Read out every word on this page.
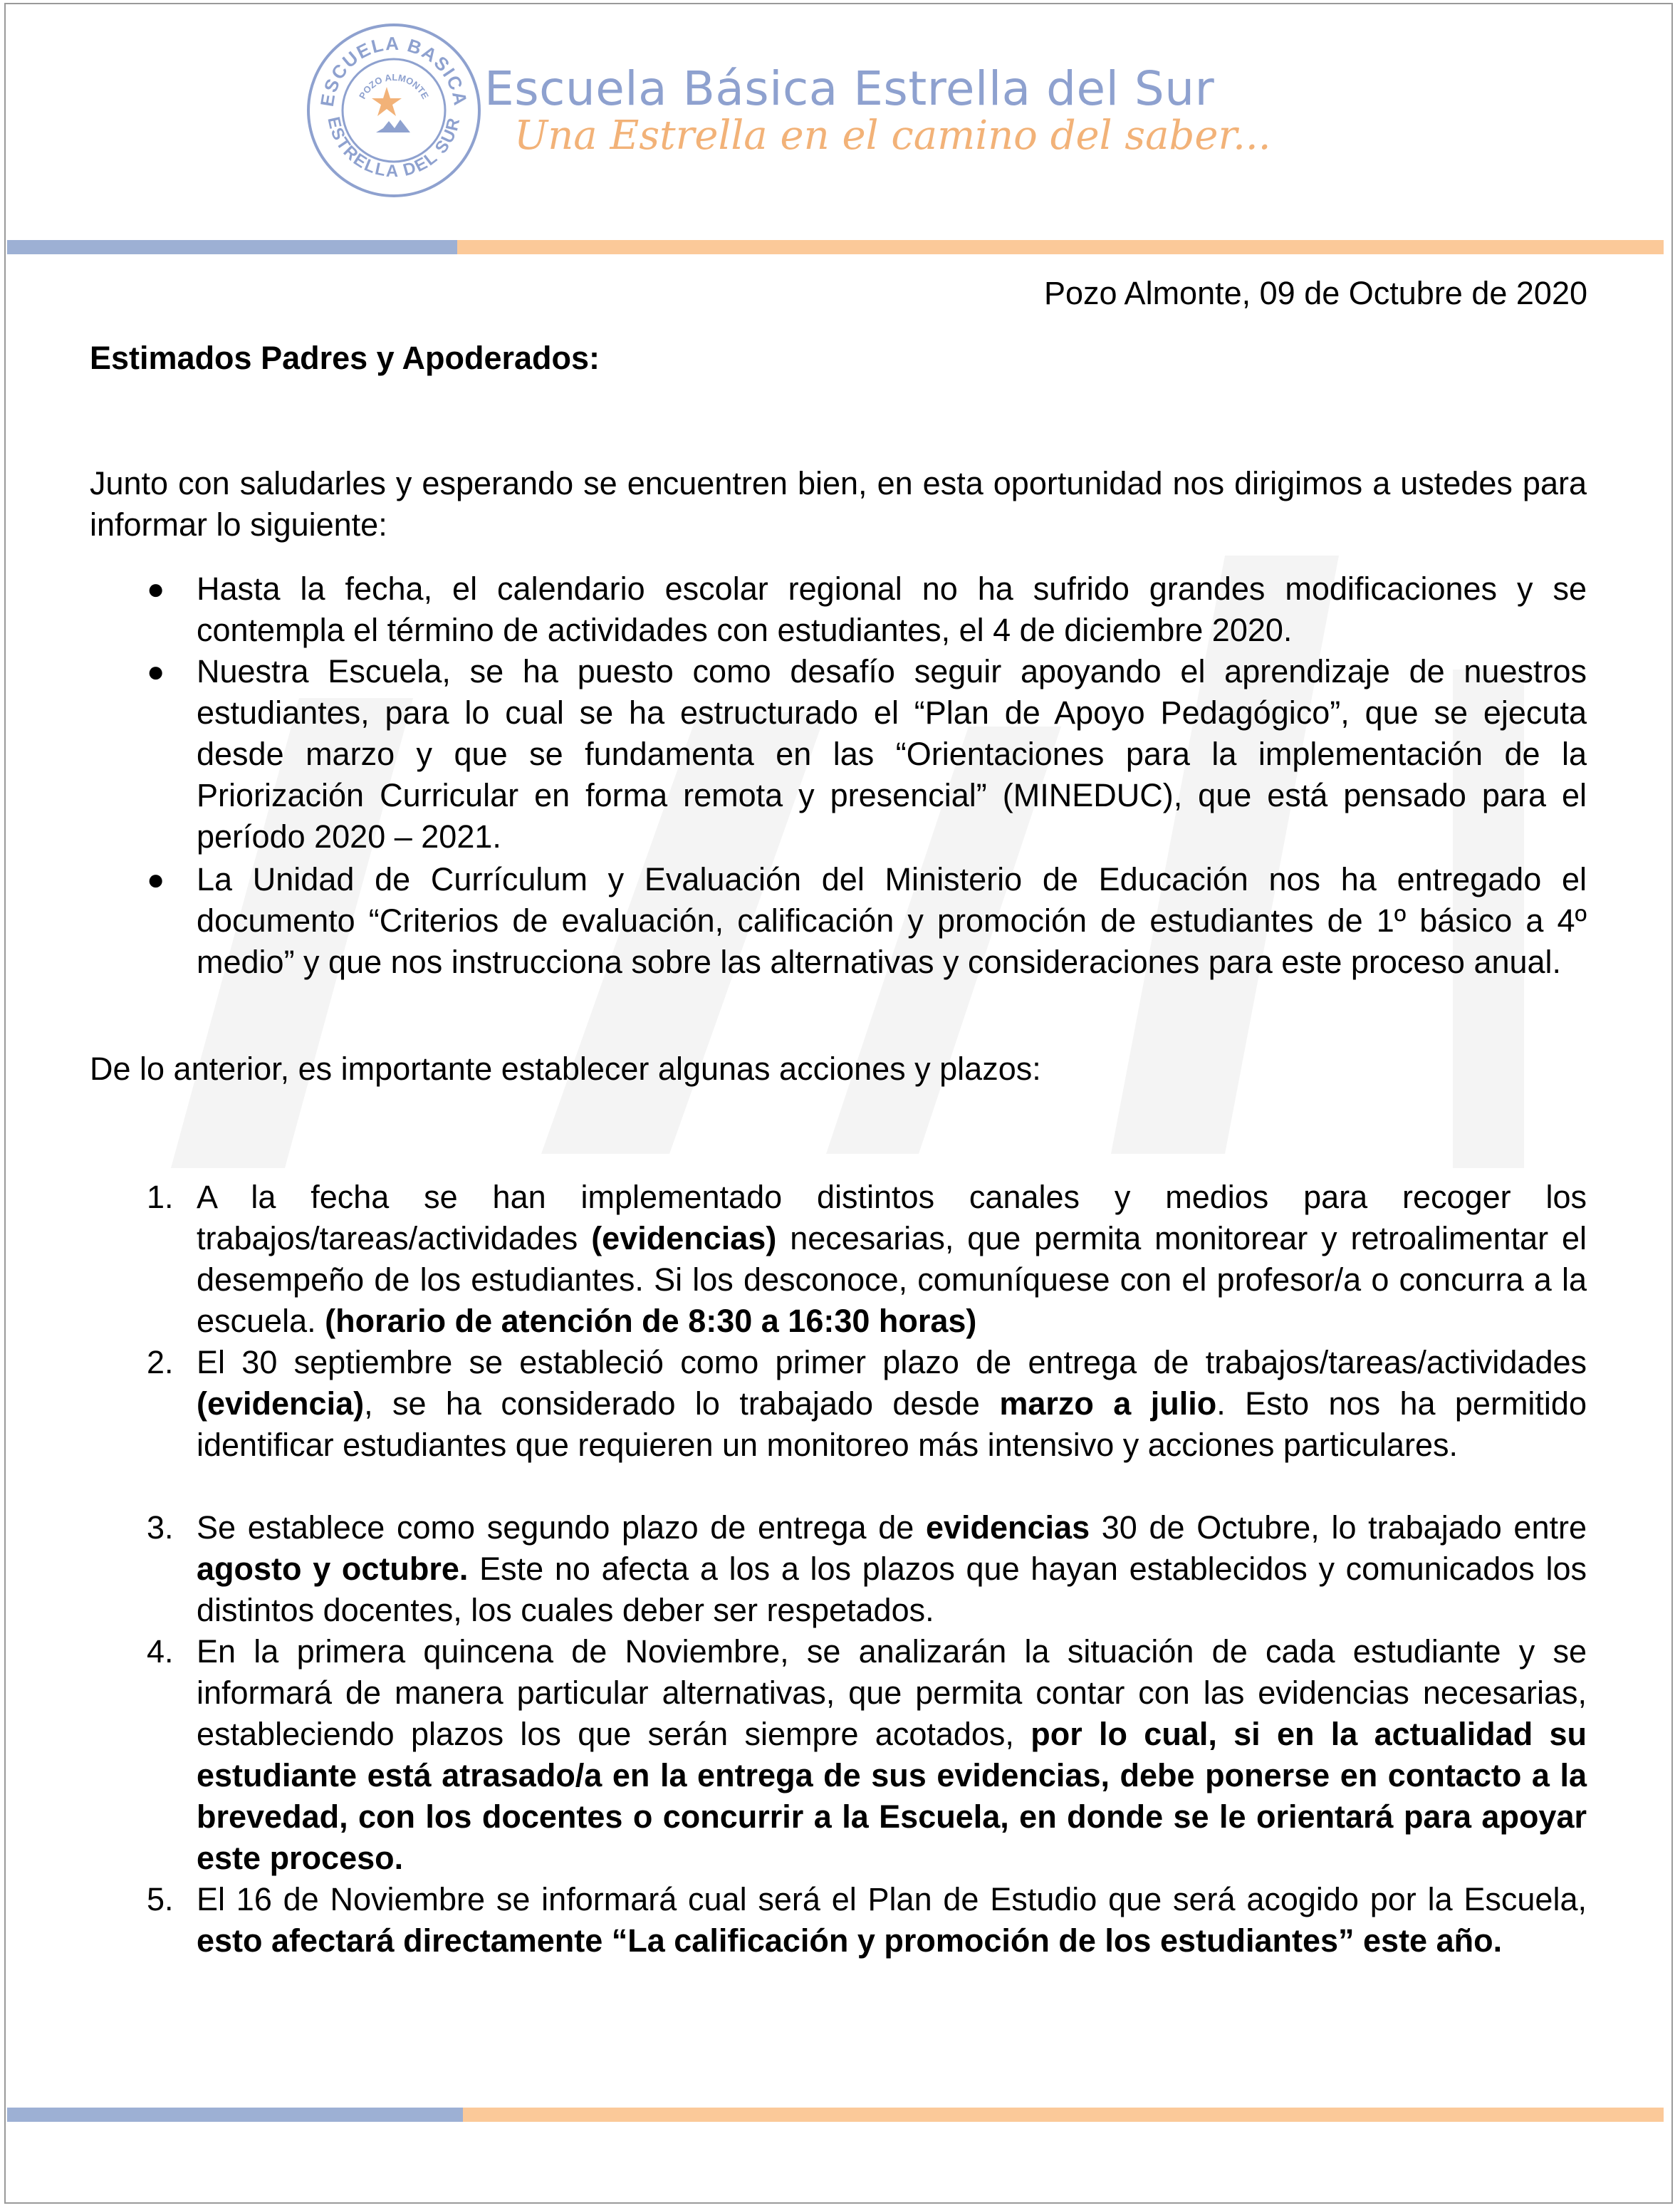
ESCUELA BASICA
ESTRELLA DEL SUR
POZO ALMONTE Escuela Básica Estrella del Sur
Una Estrella en el camino del saber...
Pozo Almonte, 09 de Octubre de 2020

Estimados Padres y Apoderados:

Junto con saludarles y esperando se encuentren bien, en esta oportunidad nos dirigimos a ustedes para informar lo siguiente:

● Hasta la fecha, el calendario escolar regional no ha sufrido grandes modificaciones y se contempla el término de actividades con estudiantes, el 4 de diciembre 2020.
● Nuestra Escuela, se ha puesto como desafío seguir apoyando el aprendizaje de nuestros estudiantes, para lo cual se ha estructurado el “Plan de Apoyo Pedagógico”, que se ejecuta desde marzo y que se fundamenta en las “Orientaciones para la implementación de la Priorización Curricular en forma remota y presencial” (MINEDUC), que está pensado para el período 2020 – 2021.
● La Unidad de Currículum y Evaluación del Ministerio de Educación nos ha entregado el documento “Criterios de evaluación, calificación y promoción de estudiantes de 1º básico a 4º medio” y que nos instrucciona sobre las alternativas y consideraciones para este proceso anual.

De lo anterior, es importante establecer algunas acciones y plazos:

1. A la fecha se han implementado distintos canales y medios para recoger los trabajos/tareas/actividades (evidencias) necesarias, que permita monitorear y retroalimentar el desempeño de los estudiantes. Si los desconoce, comuníquese con el profesor/a o concurra a la escuela. (horario de atención de 8:30 a 16:30 horas)
2. El 30 septiembre se estableció como primer plazo de entrega de trabajos/tareas/actividades (evidencia), se ha considerado lo trabajado desde marzo a julio. Esto nos ha permitido identificar estudiantes que requieren un monitoreo más intensivo y acciones particulares.
3. Se establece como segundo plazo de entrega de evidencias 30 de Octubre, lo trabajado entre agosto y octubre. Este no afecta a los a los plazos que hayan establecidos y comunicados los distintos docentes, los cuales deber ser respetados.
4. En la primera quincena de Noviembre, se analizarán la situación de cada estudiante y se informará de manera particular alternativas, que permita contar con las evidencias necesarias, estableciendo plazos los que serán siempre acotados, por lo cual, si en la actualidad su estudiante está atrasado/a en la entrega de sus evidencias, debe ponerse en contacto a la brevedad, con los docentes o concurrir a la Escuela, en donde se le orientará para apoyar este proceso.
5. El 16 de Noviembre se informará cual será el Plan de Estudio que será acogido por la Escuela, esto afectará directamente “La calificación y promoción de los estudiantes” este año.
